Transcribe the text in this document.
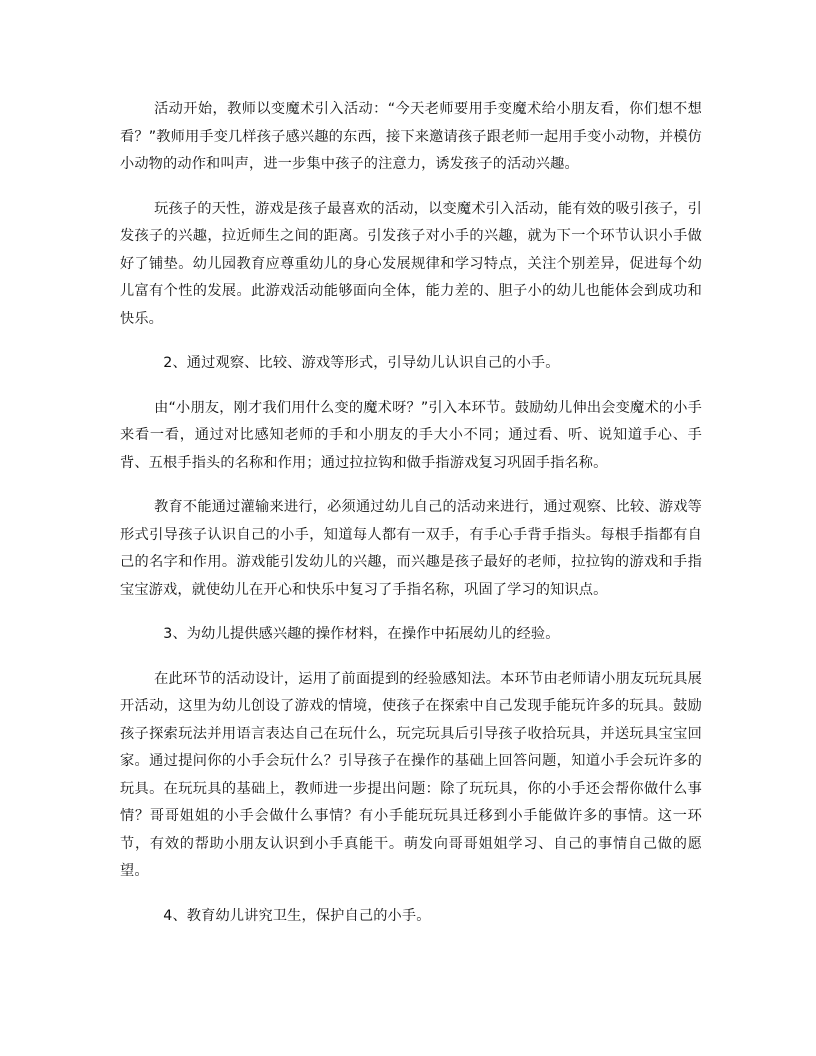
活动开始，教师以变魔术引入活动：“今天老师要用手变魔术给小朋友看，你们想不想看？”教师用手变几样孩子感兴趣的东西，接下来邀请孩子跟老师一起用手变小动物，并模仿小动物的动作和叫声，进一步集中孩子的注意力，诱发孩子的活动兴趣。

玩孩子的天性，游戏是孩子最喜欢的活动，以变魔术引入活动，能有效的吸引孩子，引发孩子的兴趣，拉近师生之间的距离。引发孩子对小手的兴趣，就为下一个环节认识小手做好了铺垫。幼儿园教育应尊重幼儿的身心发展规律和学习特点，关注个别差异，促进每个幼儿富有个性的发展。此游戏活动能够面向全体，能力差的、胆子小的幼儿也能体会到成功和快乐。

2、通过观察、比较、游戏等形式，引导幼儿认识自己的小手。

由“小朋友，刚才我们用什么变的魔术呀？”引入本环节。鼓励幼儿伸出会变魔术的小手来看一看，通过对比感知老师的手和小朋友的手大小不同；通过看、听、说知道手心、手背、五根手指头的名称和作用；通过拉拉钩和做手指游戏复习巩固手指名称。

教育不能通过灌输来进行，必须通过幼儿自己的活动来进行，通过观察、比较、游戏等形式引导孩子认识自己的小手，知道每人都有一双手，有手心手背手指头。每根手指都有自己的名字和作用。游戏能引发幼儿的兴趣，而兴趣是孩子最好的老师，拉拉钩的游戏和手指宝宝游戏，就使幼儿在开心和快乐中复习了手指名称，巩固了学习的知识点。

3、为幼儿提供感兴趣的操作材料，在操作中拓展幼儿的经验。

在此环节的活动设计，运用了前面提到的经验感知法。本环节由老师请小朋友玩玩具展开活动，这里为幼儿创设了游戏的情境，使孩子在探索中自己发现手能玩许多的玩具。鼓励孩子探索玩法并用语言表达自己在玩什么，玩完玩具后引导孩子收拾玩具，并送玩具宝宝回家。通过提问你的小手会玩什么？引导孩子在操作的基础上回答问题，知道小手会玩许多的玩具。在玩玩具的基础上，教师进一步提出问题：除了玩玩具，你的小手还会帮你做什么事情？哥哥姐姐的小手会做什么事情？有小手能玩玩具迁移到小手能做许多的事情。这一环节，有效的帮助小朋友认识到小手真能干。萌发向哥哥姐姐学习、自己的事情自己做的愿望。

4、教育幼儿讲究卫生，保护自己的小手。
